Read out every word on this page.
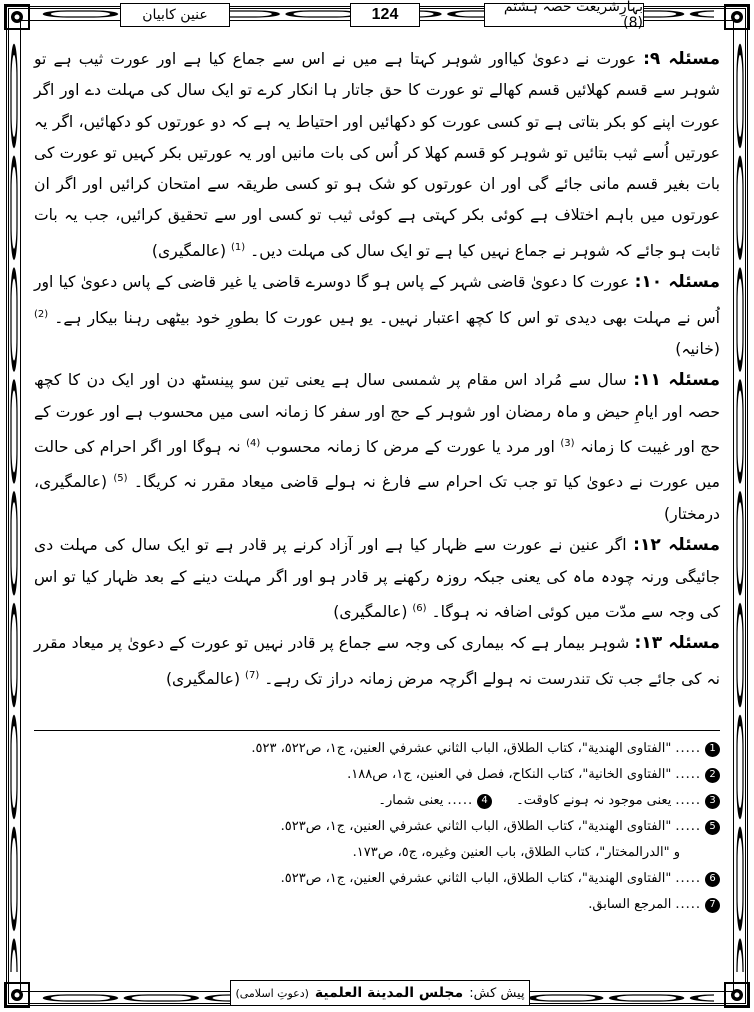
عنین کابیان	124	بہارِشریعت حصہ ہشتم (8)

مسئلہ ۹: عورت نے دعویٰ کیااور شوہر کہتا ہے میں نے اس سے جماع کیا ہے اور عورت ثیب ہے تو شوہر سے قسم کھلائیں قسم کھالے تو عورت کا حق جاتار ہا انکار کرے تو ایک سال کی مہلت دے اور اگر عورت اپنے کو بکر بتاتی ہے تو کسی عورت کو دکھائیں اور احتیاط یہ ہے کہ دو عورتوں کو دکھائیں، اگر یہ عورتیں اُسے ثیب بتائیں تو شوہر کو قسم کھلا کر اُس کی بات مانیں اور یہ عورتیں بکر کہیں تو عورت کی بات بغیر قسم مانی جائے گی اور ان عورتوں کو شک ہو تو کسی طریقہ سے امتحان کرائیں اور اگر ان عورتوں میں باہم اختلاف ہے کوئی بکر کہتی ہے کوئی ثیب تو کسی اور سے تحقیق کرائیں، جب یہ بات ثابت ہو جائے کہ شوہر نے جماع نہیں کیا ہے تو ایک سال کی مہلت دیں۔ $^{(1)}$ (عالمگیری)

مسئلہ ۱۰: عورت کا دعویٰ قاضی شہر کے پاس ہو گا دوسرے قاضی یا غیر قاضی کے پاس دعویٰ کیا اور اُس نے مہلت بھی دیدی تو اس کا کچھ اعتبار نہیں۔ یو ہیں عورت کا بطورِ خود بیٹھی رہنا بیکار ہے۔ $^{(2)}$ (خانیہ)

مسئلہ ۱۱: سال سے مُراد اس مقام پر شمسی سال ہے یعنی تین سو پینسٹھ دن اور ایک دن کا کچھ حصہ اور ایامِ حیض و ماہ رمضان اور شوہر کے حج اور سفر کا زمانہ اسی میں محسوب ہے اور عورت کے حج اور غیبت کا زمانہ $^{(3)}$ اور مرد یا عورت کے مرض کا زمانہ محسوب $^{(4)}$ نہ ہوگا اور اگر احرام کی حالت میں عورت نے دعویٰ کیا تو جب تک احرام سے فارغ نہ ہولے قاضی میعاد مقرر نہ کریگا۔ $^{(5)}$ (عالمگیری، درمختار)

مسئلہ ۱۲: اگر عنین نے عورت سے ظہار کیا ہے اور آزاد کرنے پر قادر ہے تو ایک سال کی مہلت دی جائیگی ورنہ چودہ ماہ کی یعنی جبکہ روزہ رکھنے پر قادر ہو اور اگر مہلت دینے کے بعد ظہار کیا تو اس کی وجہ سے مدّت میں کوئی اضافہ نہ ہوگا۔ $^{(6)}$ (عالمگیری)

مسئلہ ۱۳: شوہر بیمار ہے کہ بیماری کی وجہ سے جماع پر قادر نہیں تو عورت کے دعویٰ پر میعاد مقرر نہ کی جائے جب تک تندرست نہ ہولے اگرچہ مرض زمانہ دراز تک رہے۔ $^{(7)}$ (عالمگیری)

1
.....
"الفتاوی الهندية"، كتاب الطلاق، الباب الثاني عشرفي العنين، ج١، ص٥٢٢، ٥٢٣.

2
.....
"الفتاوی الخانية"، كتاب النكاح، فصل في العنين، ج١، ص١٨٨.

3
.....
یعنی موجود نہ ہونے کاوقت۔
4
.....
یعنی شمار۔

5
.....
"الفتاوی الهندية"، كتاب الطلاق، الباب الثاني عشرفي العنين، ج١، ص٥٢٣.

و "الدرالمختار"، كتاب الطلاق، باب العنين وغيره، ج٥، ص١٧٣.

6
.....
"الفتاوی الهندية"، كتاب الطلاق، الباب الثاني عشرفي العنين، ج١، ص٥٢٣.

7
.....
المرجع السابق.

پیش کش:
مجلس المدينة العلمية
(دعوتِ اسلامی)
